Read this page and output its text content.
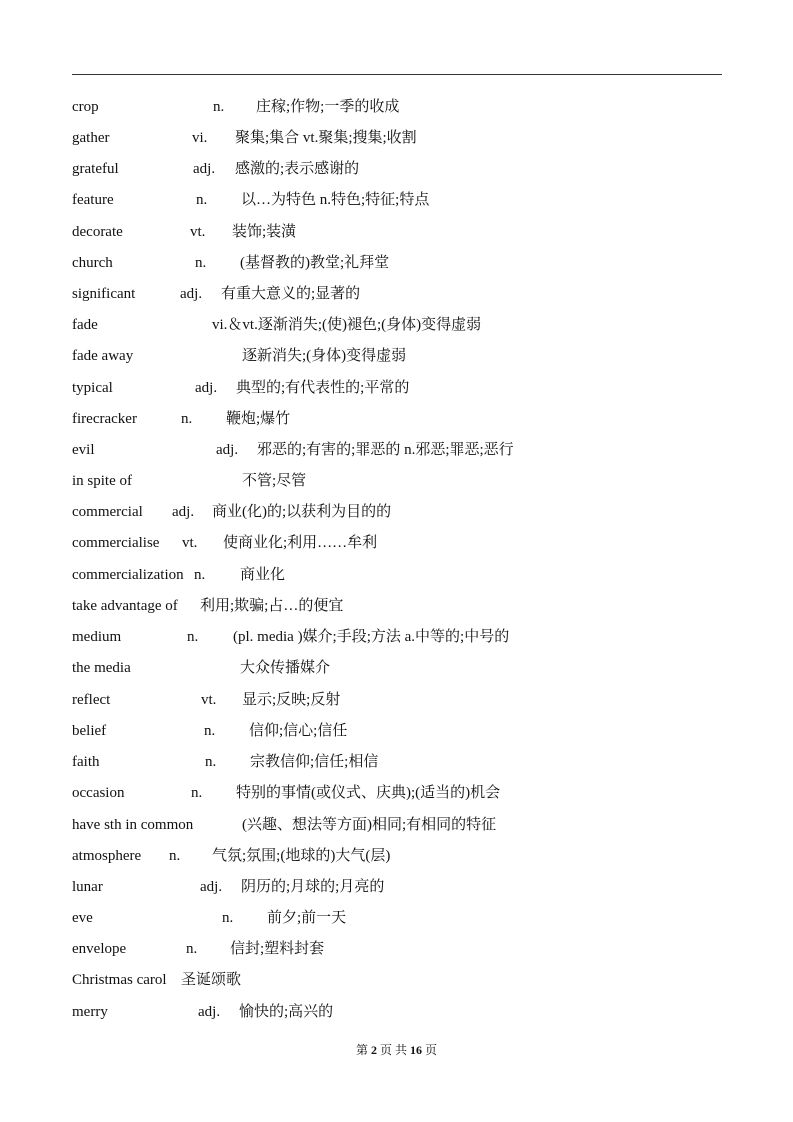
crop	n. 庄稼;作物;一季的收成
gather	vi. 聚集;集合 vt.聚集;搜集;收割
grateful	adj. 感激的;表示感谢的
feature	n. 以…为特色 n.特色;特征;特点
decorate	vt. 装饰;装潢
church	n. (基督教的)教堂;礼拜堂
significant	adj. 有重大意义的;显著的
fade	vi.＆vt.逐渐消失;(使)褪色;(身体)变得虚弱
fade away	逐新消失;(身体)变得虚弱
typical	adj. 典型的;有代表性的;平常的
firecracker	n. 鞭炮;爆竹
evil	adj. 邪恶的;有害的;罪恶的 n.邪恶;罪恶;恶行
in spite of	不管;尽管
commercial adj. 商业(化)的;以获利为目的的
commercialise vt. 使商业化;利用……牟利
commercialization n. 商业化
take advantage of 利用;欺骗;占…的便宜
medium	n. (pl. media )媒介;手段;方法 a.中等的;中号的
the media	大众传播媒介
reflect	vt. 显示;反映;反射
belief	n. 信仰;信心;信任
faith	n. 宗教信仰;信任;相信
occasion	n. 特别的事情(或仪式、庆典);(适当的)机会
have sth in common	(兴趣、想法等方面)相同;有相同的特征
atmosphere n. 气氛;氛围;(地球的)大气(层)
lunar	adj. 阴历的;月球的;月亮的
eve	n. 前夕;前一天
envelope	n. 信封;塑料封套
Christmas carol 圣诞颂歌
merry	adj. 愉快的;高兴的
第 2 页 共 16 页
